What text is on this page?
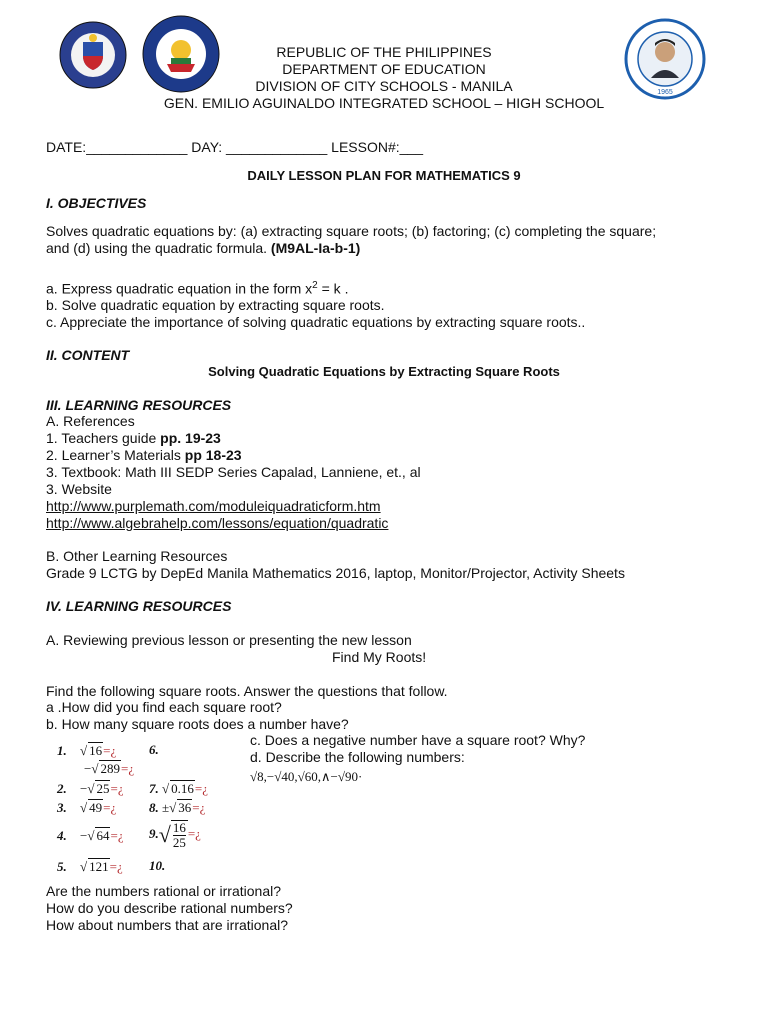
1965
REPUBLIC OF THE PHILIPPINES
DEPARTMENT OF EDUCATION
DIVISION OF CITY SCHOOLS - MANILA
GEN. EMILIO AGUINALDO INTEGRATED SCHOOL – HIGH SCHOOL
DATE:_____________ DAY: _____________ LESSON#:___
DAILY LESSON PLAN FOR MATHEMATICS 9
I. OBJECTIVES
Solves quadratic equations by: (a) extracting square roots; (b) factoring; (c) completing the square;
and (d) using the quadratic formula. (M9AL-Ia-b-1)
a. Express quadratic equation in the form $x^2 = k$ .
b. Solve quadratic equation by extracting square roots.
c. Appreciate the importance of solving quadratic equations by extracting square roots..
II. CONTENT
Solving Quadratic Equations by Extracting Square Roots
III. LEARNING RESOURCES
A. References
1. Teachers guide pp. 19-23
2. Learner’s Materials pp 18-23
3. Textbook: Math III SEDP Series Capalad, Lanniene, et., al
3. Website
http://www.purplemath.com/moduleiquadraticform.htm
http://www.algebrahelp.com/lessons/equation/quadratic
B. Other Learning Resources
Grade 9 LCTG by DepEd Manila Mathematics 2016, laptop, Monitor/Projector, Activity Sheets
IV. LEARNING RESOURCES
A. Reviewing previous lesson or presenting the new lesson
Find My Roots!
Find the following square roots. Answer the questions that follow.
a .How did you find each square root?
b. How many square roots does a number have?
c. Does a negative number have a square root? Why?
d. Describe the following numbers:
√8,−√40,√60,∧−√90·
1. √ 16=¿	6.
−√ 289=¿
2. −√ 25=¿ 7. √ 0.16=¿
3. √ 49=¿	8. ±√ 36=¿
4. −√ 64=¿ $9.√ \frac{16}{25}$ =¿
5. √ 121=¿ 10.
Are the numbers rational or irrational?
How do you describe rational numbers?
How about numbers that are irrational?
